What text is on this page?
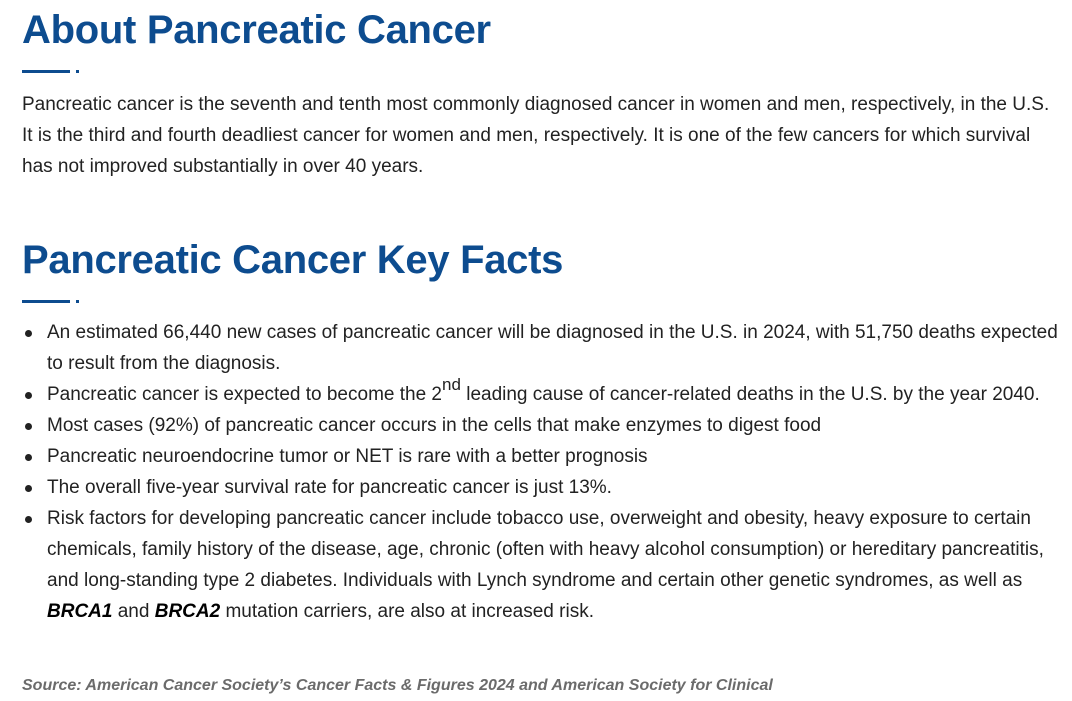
About Pancreatic Cancer

Pancreatic cancer is the seventh and tenth most commonly diagnosed cancer in women and men, respectively, in the U.S. It is the third and fourth deadliest cancer for women and men, respectively. It is one of the few cancers for which survival has not improved substantially in over 40 years.

Pancreatic Cancer Key Facts
An estimated 66,440 new cases of pancreatic cancer will be diagnosed in the U.S. in 2024, with 51,750 deaths expected to result from the diagnosis.
Pancreatic cancer is expected to become the 2nd leading cause of cancer-related deaths in the U.S. by the year 2040.
Most cases (92%) of pancreatic cancer occurs in the cells that make enzymes to digest food
Pancreatic neuroendocrine tumor or NET is rare with a better prognosis
The overall five-year survival rate for pancreatic cancer is just 13%.
Risk factors for developing pancreatic cancer include tobacco use, overweight and obesity, heavy exposure to certain chemicals, family history of the disease, age, chronic (often with heavy alcohol consumption) or hereditary pancreatitis, and long-standing type 2 diabetes. Individuals with Lynch syndrome and certain other genetic syndromes, as well as BRCA1 and BRCA2 mutation carriers, are also at increased risk.
Source: American Cancer Society’s Cancer Facts & Figures 2024 and American Society for Clinical
